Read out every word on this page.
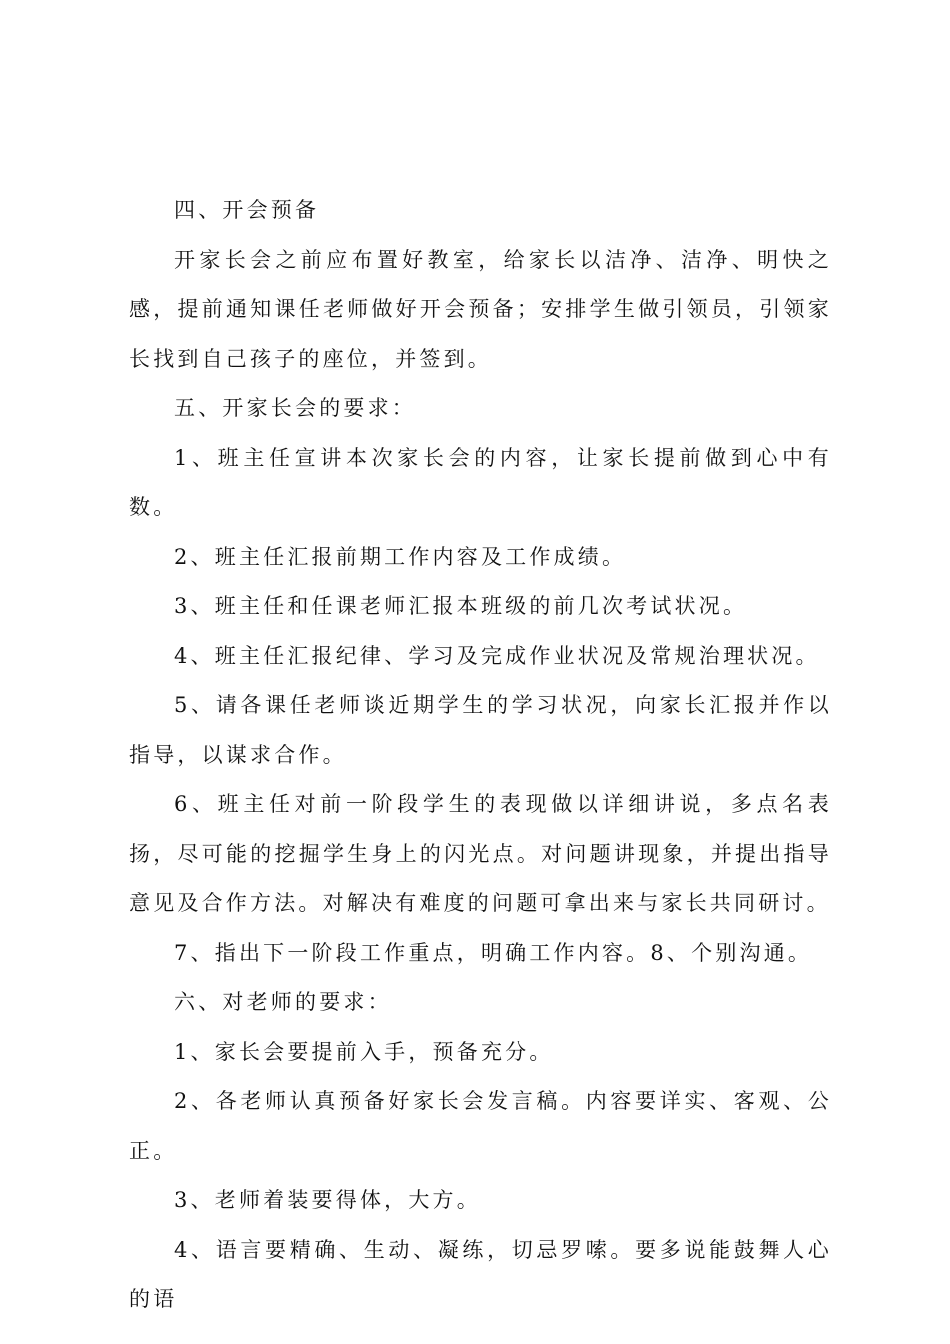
四、开会预备

开家长会之前应布置好教室，给家长以洁净、洁净、明快之感，提前通知课任老师做好开会预备；安排学生做引领员，引领家长找到自己孩子的座位，并签到。

五、开家长会的要求：

1、班主任宣讲本次家长会的内容，让家长提前做到心中有数。

2、班主任汇报前期工作内容及工作成绩。

3、班主任和任课老师汇报本班级的前几次考试状况。

4、班主任汇报纪律、学习及完成作业状况及常规治理状况。

5、请各课任老师谈近期学生的学习状况，向家长汇报并作以指导，以谋求合作。

6、班主任对前一阶段学生的表现做以详细讲说，多点名表扬，尽可能的挖掘学生身上的闪光点。对问题讲现象，并提出指导意见及合作方法。对解决有难度的问题可拿出来与家长共同研讨。

7、指出下一阶段工作重点，明确工作内容。8、个别沟通。

六、对老师的要求：

1、家长会要提前入手，预备充分。

2、各老师认真预备好家长会发言稿。内容要详实、客观、公正。

3、老师着装要得体，大方。

4、语言要精确、生动、凝练，切忌罗嗦。要多说能鼓舞人心的语
